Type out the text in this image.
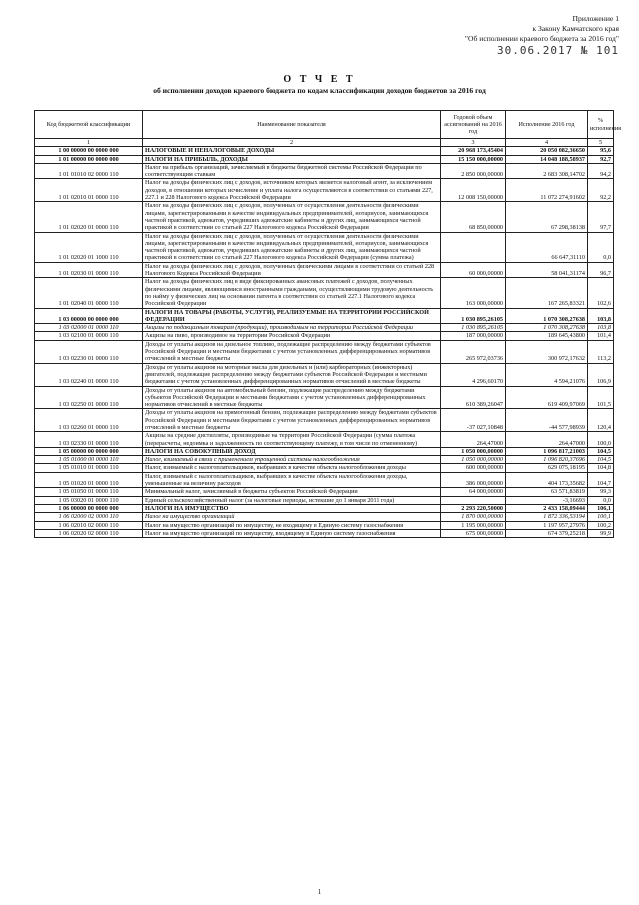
Приложение 1
к Закону Камчатского края
"Об исполнении краевого бюджета за 2016 год"
30.06.2017 № 101
О Т Ч Е Т
об исполнении доходов краевого бюджета по кодам классификации доходов бюджетов за 2016 год
Код бюджетной классификации	Наименование показателя	Годовой объем ассигнований на 2016 год	Исполнение 2016 год	% исполнения
1	2	3	4	5
1 00 00000 00 0000 000	НАЛОГОВЫЕ И НЕНАЛОГОВЫЕ ДОХОДЫ	20 968 173,45404	20 050 082,36650	95,6
1 01 00000 00 0000 000	НАЛОГИ НА ПРИБЫЛЬ, ДОХОДЫ	15 150 000,00000	14 048 188,58937	92,7
1 01 01010 02 0000 110	Налог на прибыль организаций, зачисляемый в бюджеты бюджетной системы Российской Федерации по соответствующим ставкам	2 850 000,00000	2 683 308,14702	94,2
1 01 02010 01 0000 110	Налог на доходы физических лиц с доходов, источником которых является налоговый агент, за исключением доходов, в отношении которых исчисление и уплата налога осуществляются в соответствии со статьями 227, 227.1 и 228 Налогового кодекса Российской Федерации	12 008 150,00000	11 072 274,91602	92,2
1 01 02020 01 0000 110	Налог на доходы физических лиц с доходов, полученных от осуществления деятельности физическими лицами, зарегистрированными в качестве индивидуальных предпринимателей, нотариусов, занимающихся частной практикой, адвокатов, учредивших адвокатские кабинеты и других лиц, занимающихся частной практикой в соответствии со статьей 227 Налогового кодекса Российской Федерации	68 850,00000	67 298,38138	97,7
1 01 02020 01 1000 110	Налог на доходы физических лиц с доходов, полученных от осуществления деятельности физическими лицами, зарегистрированными в качестве индивидуальных предпринимателей, нотариусов, занимающихся частной практикой, адвокатов, учредивших адвокатские кабинеты и других лиц, занимающихся частной практикой в соответствии со статьей 227 Налогового кодекса Российской Федерации (сумма платежа)		66 647,31110	0,0
1 01 02030 01 0000 110	Налог на доходы физических лиц с доходов, полученных физическими лицами в соответствии со статьей 228 Налогового Кодекса Российской Федерации	60 000,00000	58 041,31174	96,7
1 01 02040 01 0000 110	Налог на доходы физических лиц в виде фиксированных авансовых платежей с доходов, полученных физическими лицами, являющимися иностранными гражданами, осуществляющими трудовую деятельность по найму у физических лиц на основании патента в соответствии со статьей 227.1 Налогового кодекса Российской Федерации	163 000,00000	167 265,83321	102,6
1 03 00000 00 0000 000	НАЛОГИ НА ТОВАРЫ (РАБОТЫ, УСЛУГИ), РЕАЛИЗУЕМЫЕ НА ТЕРРИТОРИИ РОССИЙСКОЙ ФЕДЕРАЦИИ	1 030 895,26105	1 070 308,27638	103,8
1 03 02000 01 0000 110	Акцизы по подакцизным товарам (продукции), производимым на территории Российской Федерации	1 030 895,26105	1 070 308,27638	103,8
1 03 02100 01 0000 110	Акцизы на пиво, производимое на территории Российской Федерации	187 000,00000	189 645,43800	101,4
1 03 02230 01 0000 110	Доходы от уплаты акцизов на дизельное топливо, подлежащие распределению между бюджетами субъектов Российской Федерации и местными бюджетами с учетом установленных дифференцированных нормативов отчислений в местные бюджеты	265 972,03736	300 972,17632	113,2
1 03 02240 01 0000 110	Доходы от уплаты акцизов на моторные масла для дизельных и (или) карбюраторных (инжекторных) двигателей, подлежащие распределению между бюджетами субъектов Российской Федерации и местными бюджетами с учетом установленных дифференцированных нормативов отчислений в местные бюджеты	4 296,60170	4 594,21076	106,9
1 03 02250 01 0000 110	Доходы от уплаты акцизов на автомобильный бензин, подлежащие распределению между бюджетами субъектов Российской Федерации и местными бюджетами с учетом установленных дифференцированных нормативов отчислений в местные бюджеты	610 389,26047	619 409,97069	101,5
1 03 02260 01 0000 110	Доходы от уплаты акцизов на прямогонный бензин, подлежащие распределению между бюджетами субъектов Российской Федерации и местными бюджетами с учетом установленных дифференцированных нормативов отчислений в местные бюджеты	-37 027,10848	-44 577,98939	120,4
1 03 02330 01 0000 110	Акцизы на средние дистилляты, производимые на территории Российской Федерации (сумма платежа (перерасчеты, недоимка и задолженность по соответствующему платежу, в том числе по отмененному)	264,47000	264,47000	100,0
1 05 00000 00 0000 000	НАЛОГИ НА СОВОКУПНЫЙ ДОХОД	1 050 000,00000	1 096 817,21003	104,5
1 05 01000 00 0000 110	Налог, взимаемый в связи с применением упрощенной системы налогообложения	1 050 000,00000	1 096 820,37696	104,5
1 05 01010 01 0000 110	Налог, взимаемый с налогоплательщиков, выбравших в качестве объекта налогообложения доходы	600 000,00000	629 075,18195	104,8
1 05 01020 01 0000 110	Налог, взимаемый с налогоплательщиков, выбравших в качестве объекта налогообложения доходы, уменьшенные на величину расходов	386 000,00000	404 173,35682	104,7
1 05 01050 01 0000 110	Минимальный налог, зачисляемый в бюджеты субъектов Российской Федерации	64 000,00000	63 571,83819	99,3
1 05 03020 01 0000 110	Единый сельскохозяйственный налог (за налоговые периоды, истекшие до 1 января 2011 года)		-3,16693	0,0
1 06 00000 00 0000 000	НАЛОГИ НА ИМУЩЕСТВО	2 293 220,50000	2 433 158,09444	106,1
1 06 02000 02 0000 110	Налог на имущество организаций	1 870 000,00000	1 872 336,53194	100,1
1 06 02010 02 0000 110	Налог на имущество организаций по имуществу, не входящему в Единую систему газоснабжения	1 195 000,00000	1 197 957,27976	100,2
1 06 02020 02 0000 110	Налог на имущество организаций по имуществу, входящему в Единую систему газоснабжения	675 000,00000	674 379,25218	99,9
1
